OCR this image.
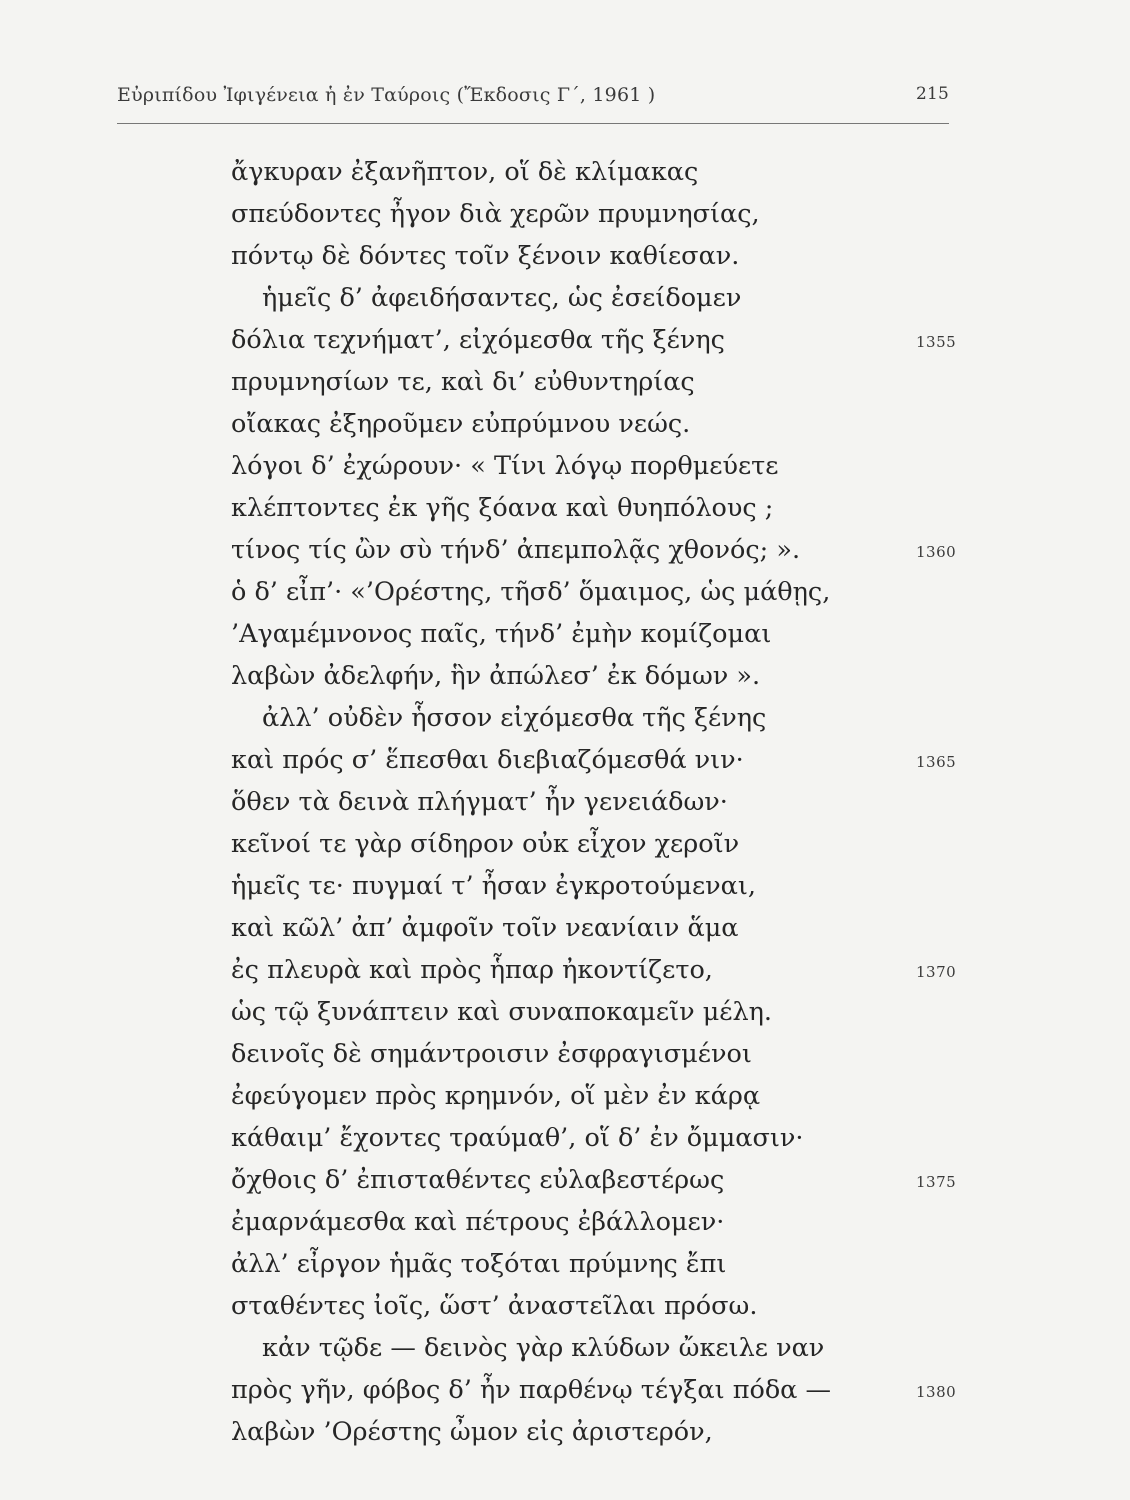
Εὐριπίδου Ἰφιγένεια ἡ ἐν Ταύροις (Ἔκδοσις Γ΄, 1961 )	215
ἄγκυραν ἐξανῆπτον, οἵ δὲ κλίμακας
σπεύδοντες ἦγον διὰ χερῶν πρυμνησίας,
πόντῳ δὲ δόντες τοῖν ξένοιν καθίεσαν.
ἡμεῖς δ’ ἀφειδήσαντες, ὡς ἐσείδομεν
δόλια τεχνήματ’, εἰχόμεσθα τῆς ξένης
πρυμνησίων τε, καὶ δι’ εὐθυντηρίας
οἴακας ἐξηροῦμεν εὐπρύμνου νεώς.
λόγοι δ’ ἐχώρουν· « Τίνι λόγῳ πορθμεύετε
κλέπτοντες ἐκ γῆς ξόανα καὶ θυηπόλους ;
τίνος τίς ὢν σὺ τήνδ’ ἀπεμπολᾷς χθονός; ».
ὁ δ’ εἶπ’· «’Ορέστης, τῆσδ’ ὅμαιμος, ὡς μάθῃς,
’Αγαμέμνονος παῖς, τήνδ’ ἐμὴν κομίζομαι
λαβὼν ἀδελφήν, ἣν ἀπώλεσ’ ἐκ δόμων ».
ἀλλ’ οὐδὲν ἧσσον εἰχόμεσθα τῆς ξένης
καὶ πρός σ’ ἕπεσθαι διεβιαζόμεσθά νιν·
ὅθεν τὰ δεινὰ πλήγματ’ ἦν γενειάδων·
κεῖνοί τε γὰρ σίδηρον οὐκ εἶχον χεροῖν
ἡμεῖς τε· πυγμαί τ’ ἦσαν ἐγκροτούμεναι,
καὶ κῶλ’ ἀπ’ ἀμφοῖν τοῖν νεανίαιν ἅμα
ἐς πλευρὰ καὶ πρὸς ἧπαρ ἠκοντίζετο,
ὡς τῷ ξυνάπτειν καὶ συναποκαμεῖν μέλη.
δεινοῖς δὲ σημάντροισιν ἐσφραγισμένοι
ἐφεύγομεν πρὸς κρημνόν, οἵ μὲν ἐν κάρᾳ
κάθαιμ’ ἔχοντες τραύμαθ’, οἵ δ’ ἐν ὄμμασιν·
ὄχθοις δ’ ἐπισταθέντες εὐλαβεστέρως
ἐμαρνάμεσθα καὶ πέτρους ἐβάλλομεν·
ἀλλ’ εἶργον ἡμᾶς τοξόται πρύμνης ἔπι
σταθέντες ἰοῖς, ὥστ’ ἀναστεῖλαι πρόσω.
κἀν τῷδε — δεινὸς γὰρ κλύδων ὤκειλε ναν
πρὸς γῆν, φόβος δ’ ἦν παρθένῳ τέγξαι πόδα —
λαβὼν ’Ορέστης ὦμον εἰς ἀριστερόν,
1355
1360
1365
1370
1375
1380
